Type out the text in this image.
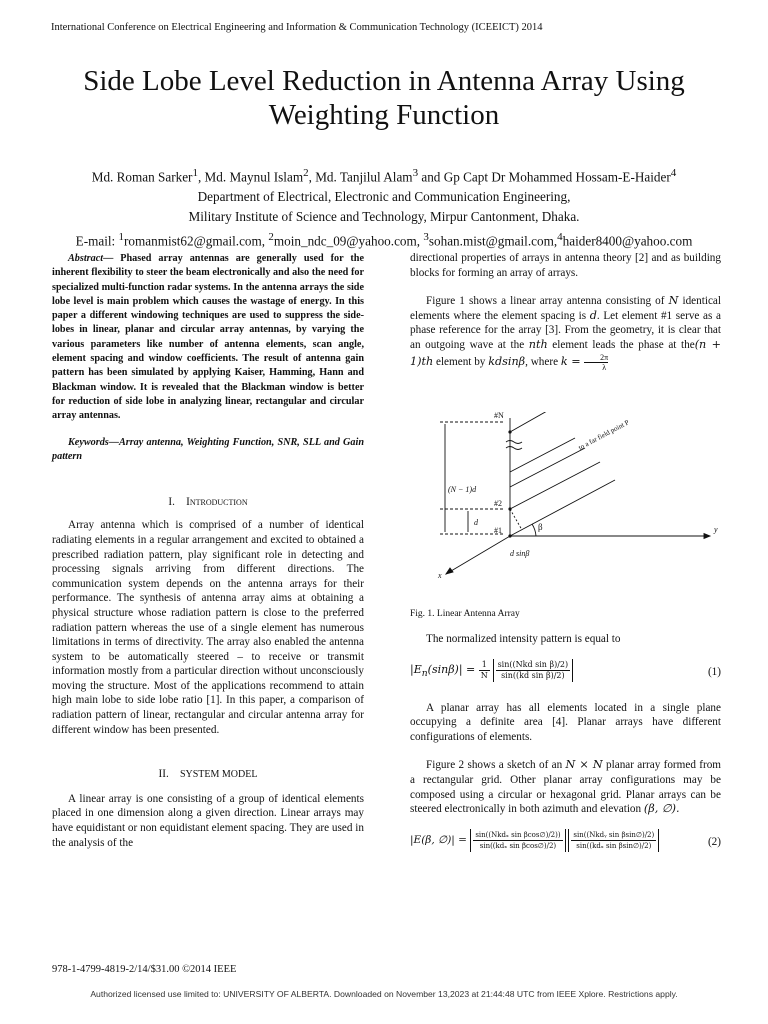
International Conference on Electrical Engineering and Information & Communication Technology (ICEEICT) 2014
Side Lobe Level Reduction in Antenna Array Using
Weighting Function
Md. Roman Sarker$^1$, Md. Maynul Islam$^2$, Md. Tanjilul Alam$^3$ and Gp Capt Dr Mohammed Hossam-E-Haider$^4$
Department of Electrical, Electronic and Communication Engineering,
Military Institute of Science and Technology, Mirpur Cantonment, Dhaka.
E-mail: $^1$romanmist62@gmail.com, $^2$moin_ndc_09@yahoo.com, $^3$sohan.mist@gmail.com,$^4$haider8400@yahoo.com

Abstract— Phased array antennas are generally used for the inherent flexibility to steer the beam electronically and also the need for specialized multi-function radar systems. In the antenna arrays the side lobe level is main problem which causes the wastage of energy. In this paper a different windowing techniques are used to suppress the side-lobes in linear, planar and circular array antennas, by varying the various parameters like number of antenna elements, scan angle, element spacing and window coefficients. The result of antenna gain pattern has been simulated by applying Kaiser, Hamming, Hann and Blackman window. It is revealed that the Blackman window is better for reduction of side lobe in analyzing linear, rectangular and circular array antennas.

Keywords—Array antenna, Weighting Function, SNR, SLL and Gain pattern

I. Introduction

Array antenna which is comprised of a number of identical radiating elements in a regular arrangement and excited to obtained a prescribed radiation pattern, play significant role in detecting and processing signals arriving from different directions. The communication system depends on the antenna arrays for their performance. The synthesis of antenna array aims at obtaining a physical structure whose radiation pattern is close to the preferred radiation pattern whereas the use of a single element has numerous limitations in terms of directivity. The array also enabled the antenna system to be automatically steered – to receive or transmit information mostly from a particular direction without unconsciously moving the structure. Most of the applications recommend to attain high main lobe to side lobe ratio [1]. In this paper, a comparison of radiation pattern of linear, rectangular and circular antenna array for different window has been presented.

II. SYSTEM MODEL

A linear array is one consisting of a group of identical elements placed in one dimension along a given direction. Linear arrays may have equidistant or non equidistant element spacing. They are used in the analysis of the

directional properties of arrays in antenna theory [2] and as building blocks for forming an array of arrays.

Figure 1 shows a linear array antenna consisting of N identical elements where the element spacing is d. Let element #1 serve as a phase reference for the array [3]. From the geometry, it is clear that an outgoing wave at the nth element leads the phase at the(n + 1)th element by kdsinβ, where $k = \frac{2\pi}{\lambda}$

#N
(N − 1)d
d
#2
#1	β
d sinβ
to a far field point P
y
x
Fig. 1. Linear Antenna Array

The normalized intensity pattern is equal to

$|E_n(\sin\beta)| = \frac{1}{N}$
$\frac{\text{sin((Nkd sin β)/2)}}{\text{sin((kd sin β)/2)}}$	(1)

A planar array has all elements located in a single plane occupying a definite area [4]. Planar arrays have different configurations of elements.

Figure 2 shows a sketch of an N × N planar array formed from a rectangular grid. Other planar array configurations may be composed using a circular or hexagonal grid. Planar arrays can be steered electronically in both azimuth and elevation (β, ∅).

|E(β, ∅)| = $\frac{\text{sin((Nkdₓ sin βcos∅)/2))}}{\text{sin((kdₓ sin βcos∅)/2)}}$
$\frac{\text{sin((Nkdᵧ sin βsin∅)/2)}}{\text{sin((kdₓ sin βsin∅)/2)}}$	(2)
978-1-4799-4819-2/14/$31.00 ©2014 IEEE
Authorized licensed use limited to: UNIVERSITY OF ALBERTA. Downloaded on November 13,2023 at 21:44:48 UTC from IEEE Xplore. Restrictions apply.
